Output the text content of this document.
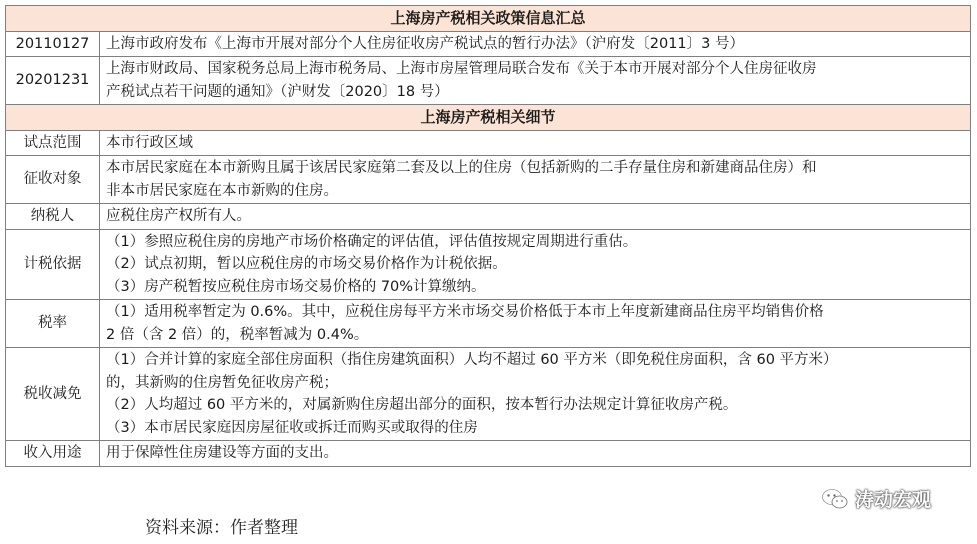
上海房产税相关政策信息汇总	
20110127	上海市政府发布《上海市开展对部分个人住房征收房产税试点的暂行办法》（沪府发〔2011〕3 号）

20201231	上海市财政局、国家税务总局上海市税务局、上海市房屋管理局联合发布《关于本市开展对部分个人住房征收房
产税试点若干问题的通知》（沪财发〔2020〕18 号）

上海房产税相关细节	
试点范围	本市行政区域

征收对象	本市居民家庭在本市新购且属于该居民家庭第二套及以上的住房（包括新购的二手存量住房和新建商品住房）和
非本市居民家庭在本市新购的住房。

纳税人	应税住房产权所有人。

计税依据	（1）参照应税住房的房地产市场价格确定的评估值，评估值按规定周期进行重估。
（2）试点初期，暂以应税住房的市场交易价格作为计税依据。
（3）房产税暂按应税住房市场交易价格的 70%计算缴纳。

税率	（1）适用税率暂定为 0.6%。其中，应税住房每平方米市场交易价格低于本市上年度新建商品住房平均销售价格
2 倍（含 2 倍）的，税率暂减为 0.4%。

税收减免	（1）合并计算的家庭全部住房面积（指住房建筑面积）人均不超过 60 平方米（即免税住房面积，含 60 平方米）
的，其新购的住房暂免征收房产税；
（2）人均超过 60 平方米的，对属新购住房超出部分的面积，按本暂行办法规定计算征收房产税。
（3）本市居民家庭因房屋征收或拆迁而购买或取得的住房

收入用途	用于保障性住房建设等方面的支出。
资料来源：作者整理
涛动宏观
